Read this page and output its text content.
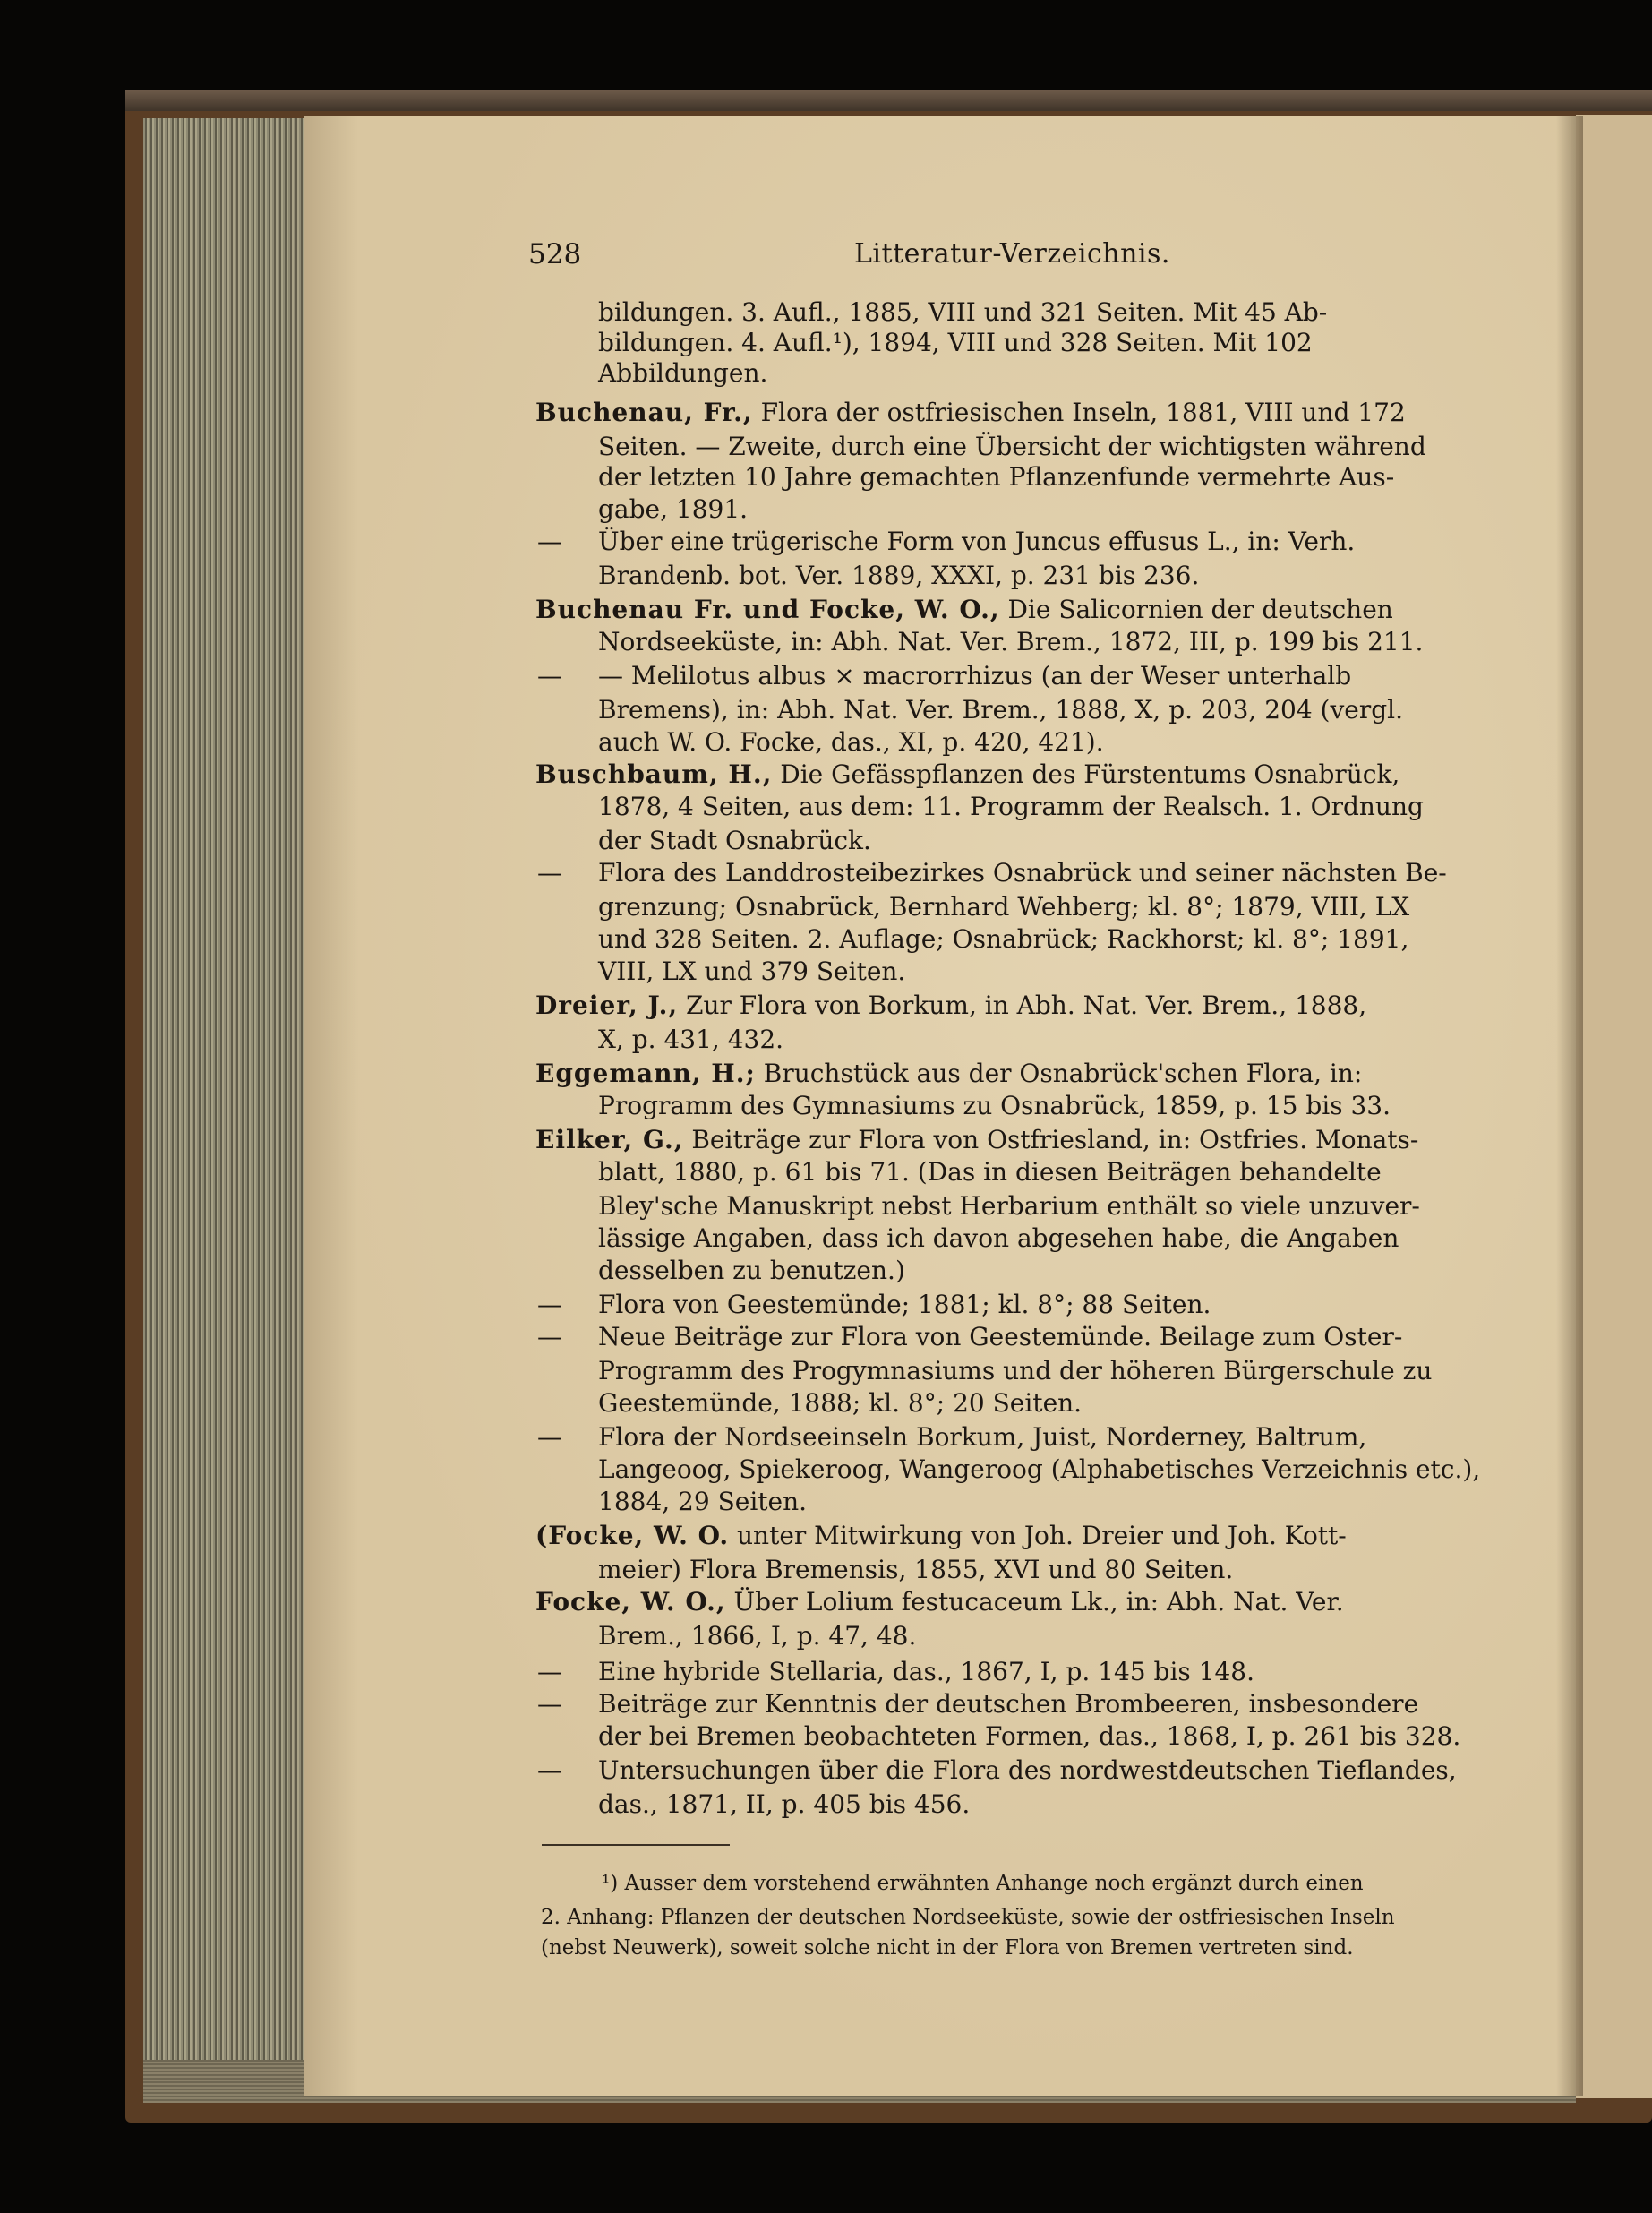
528	Litteratur-Verzeichnis.
bildungen. 3. Aufl., 1885, VIII und 321 Seiten. Mit 45 Ab-
bildungen. 4. Aufl.¹), 1894, VIII und 328 Seiten. Mit 102
Abbildungen.
Buchenau, Fr., Flora der ostfriesischen Inseln, 1881, VIII und 172
Seiten. — Zweite, durch eine Übersicht der wichtigsten während
der letzten 10 Jahre gemachten Pflanzenfunde vermehrte Aus-
gabe, 1891.
— Über eine trügerische Form von Juncus effusus L., in: Verh.
Brandenb. bot. Ver. 1889, XXXI, p. 231 bis 236.
Buchenau Fr. und Focke, W. O., Die Salicornien der deutschen
Nordseeküste, in: Abh. Nat. Ver. Brem., 1872, III, p. 199 bis 211.
— — Melilotus albus × macrorrhizus (an der Weser unterhalb
Bremens), in: Abh. Nat. Ver. Brem., 1888, X, p. 203, 204 (vergl.
auch W. O. Focke, das., XI, p. 420, 421).
Buschbaum, H., Die Gefässpflanzen des Fürstentums Osnabrück,
1878, 4 Seiten, aus dem: 11. Programm der Realsch. 1. Ordnung
der Stadt Osnabrück.
— Flora des Landdrosteibezirkes Osnabrück und seiner nächsten Be-
grenzung; Osnabrück, Bernhard Wehberg; kl. 8°; 1879, VIII, LX
und 328 Seiten. 2. Auflage; Osnabrück; Rackhorst; kl. 8°; 1891,
VIII, LX und 379 Seiten.
Dreier, J., Zur Flora von Borkum, in Abh. Nat. Ver. Brem., 1888,
X, p. 431, 432.
Eggemann, H.; Bruchstück aus der Osnabrück'schen Flora, in:
Programm des Gymnasiums zu Osnabrück, 1859, p. 15 bis 33.
Eilker, G., Beiträge zur Flora von Ostfriesland, in: Ostfries. Monats-
blatt, 1880, p. 61 bis 71. (Das in diesen Beiträgen behandelte
Bley'sche Manuskript nebst Herbarium enthält so viele unzuver-
lässige Angaben, dass ich davon abgesehen habe, die Angaben
desselben zu benutzen.)
— Flora von Geestemünde; 1881; kl. 8°; 88 Seiten.
— Neue Beiträge zur Flora von Geestemünde. Beilage zum Oster-
Programm des Progymnasiums und der höheren Bürgerschule zu
Geestemünde, 1888; kl. 8°; 20 Seiten.
— Flora der Nordseeinseln Borkum, Juist, Norderney, Baltrum,
Langeoog, Spiekeroog, Wangeroog (Alphabetisches Verzeichnis etc.),
1884, 29 Seiten.
(Focke, W. O. unter Mitwirkung von Joh. Dreier und Joh. Kott-
meier) Flora Bremensis, 1855, XVI und 80 Seiten.
Focke, W. O., Über Lolium festucaceum Lk., in: Abh. Nat. Ver.
Brem., 1866, I, p. 47, 48.
— Eine hybride Stellaria, das., 1867, I, p. 145 bis 148.
— Beiträge zur Kenntnis der deutschen Brombeeren, insbesondere
der bei Bremen beobachteten Formen, das., 1868, I, p. 261 bis 328.
— Untersuchungen über die Flora des nordwestdeutschen Tieflandes,
das., 1871, II, p. 405 bis 456.
¹) Ausser dem vorstehend erwähnten Anhange noch ergänzt durch einen
2. Anhang: Pflanzen der deutschen Nordseeküste, sowie der ostfriesischen Inseln
(nebst Neuwerk), soweit solche nicht in der Flora von Bremen vertreten sind.
